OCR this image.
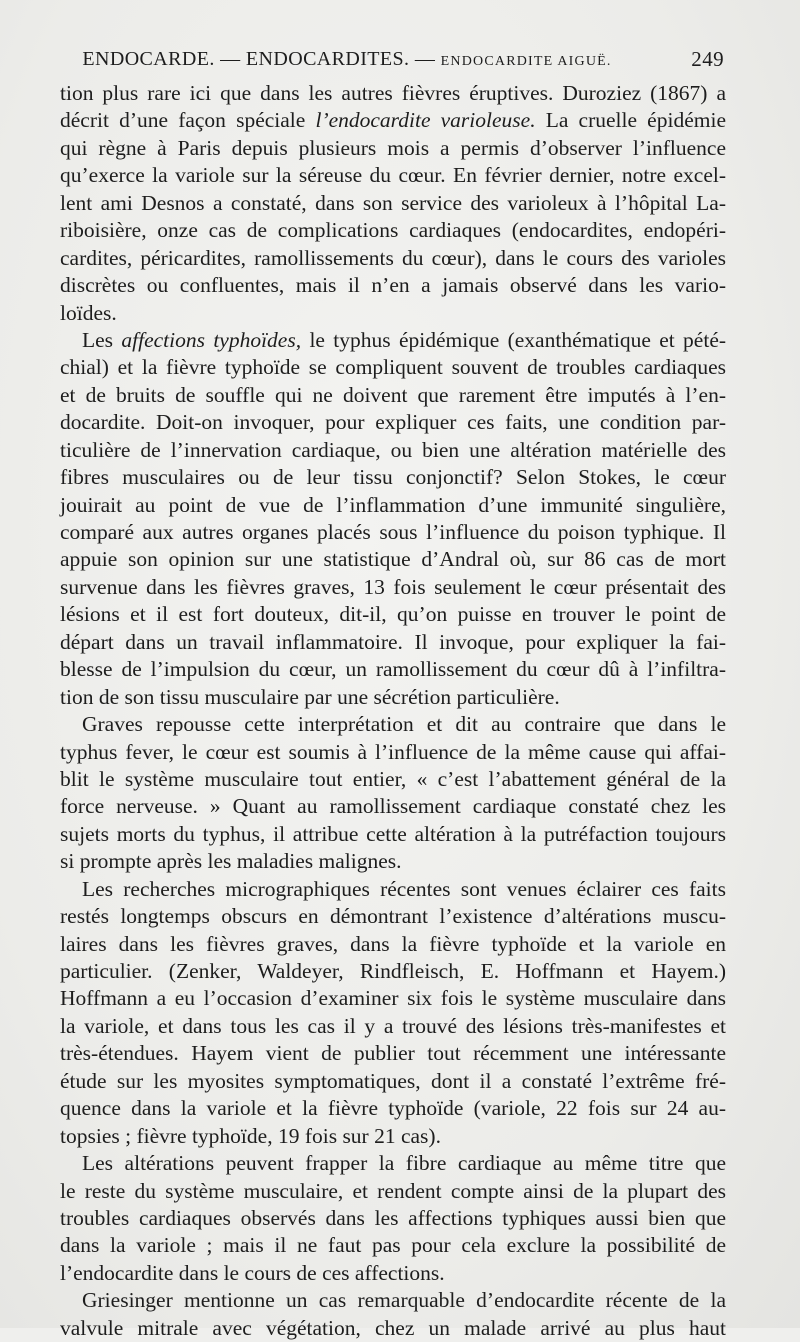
ENDOCARDE. — ENDOCARDITES. — ENDOCARDITE AIGUË.	249
tion plus rare ici que dans les autres fièvres éruptives. Duroziez (1867) a
décrit d’une façon spéciale l’endocardite varioleuse. La cruelle épidémie
qui règne à Paris depuis plusieurs mois a permis d’observer l’influence
qu’exerce la variole sur la séreuse du cœur. En février dernier, notre excel-
lent ami Desnos a constaté, dans son service des varioleux à l’hôpital La-
riboisière, onze cas de complications cardiaques (endocardites, endopéri-
cardites, péricardites, ramollissements du cœur), dans le cours des varioles
discrètes ou confluentes, mais il n’en a jamais observé dans les vario-
loïdes.
Les affections typhoïdes, le typhus épidémique (exanthématique et pété-
chial) et la fièvre typhoïde se compliquent souvent de troubles cardiaques
et de bruits de souffle qui ne doivent que rarement être imputés à l’en-
docardite. Doit-on invoquer, pour expliquer ces faits, une condition par-
ticulière de l’innervation cardiaque, ou bien une altération matérielle des
fibres musculaires ou de leur tissu conjonctif? Selon Stokes, le cœur
jouirait au point de vue de l’inflammation d’une immunité singulière,
comparé aux autres organes placés sous l’influence du poison typhique. Il
appuie son opinion sur une statistique d’Andral où, sur 86 cas de mort
survenue dans les fièvres graves, 13 fois seulement le cœur présentait des
lésions et il est fort douteux, dit-il, qu’on puisse en trouver le point de
départ dans un travail inflammatoire. Il invoque, pour expliquer la fai-
blesse de l’impulsion du cœur, un ramollissement du cœur dû à l’infiltra-
tion de son tissu musculaire par une sécrétion particulière.
Graves repousse cette interprétation et dit au contraire que dans le
typhus fever, le cœur est soumis à l’influence de la même cause qui affai-
blit le système musculaire tout entier, « c’est l’abattement général de la
force nerveuse. » Quant au ramollissement cardiaque constaté chez les
sujets morts du typhus, il attribue cette altération à la putréfaction toujours
si prompte après les maladies malignes.
Les recherches micrographiques récentes sont venues éclairer ces faits
restés longtemps obscurs en démontrant l’existence d’altérations muscu-
laires dans les fièvres graves, dans la fièvre typhoïde et la variole en
particulier. (Zenker, Waldeyer, Rindfleisch, E. Hoffmann et Hayem.)
Hoffmann a eu l’occasion d’examiner six fois le système musculaire dans
la variole, et dans tous les cas il y a trouvé des lésions très-manifestes et
très-étendues. Hayem vient de publier tout récemment une intéressante
étude sur les myosites symptomatiques, dont il a constaté l’extrême fré-
quence dans la variole et la fièvre typhoïde (variole, 22 fois sur 24 au-
topsies ; fièvre typhoïde, 19 fois sur 21 cas).
Les altérations peuvent frapper la fibre cardiaque au même titre que
le reste du système musculaire, et rendent compte ainsi de la plupart des
troubles cardiaques observés dans les affections typhiques aussi bien que
dans la variole ; mais il ne faut pas pour cela exclure la possibilité de
l’endocardite dans le cours de ces affections.
Griesinger mentionne un cas remarquable d’endocardite récente de la
valvule mitrale avec végétation, chez un malade arrivé au plus haut
